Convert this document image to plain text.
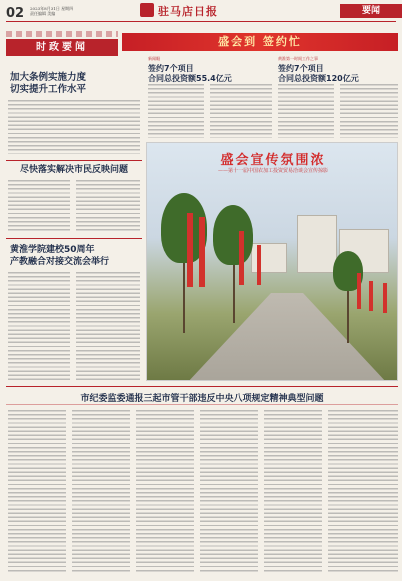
02 2023年8月31日 星期四
责任编辑 美编	驻马店日报	要闻
时政要闻
加大条例实施力度
切实提升工作水平
尽快落实解决市民反映问题
黄淮学院建校50周年
产教融合对接交流会举行
盛会到 签约忙
新闻眼
签约7个项目
合同总投资额55.4亿元
黄淮第一时间工作之事
签约7个项目
合同总投资额120亿元
盛会宣传氛围浓
——第十一届中国农加工投资贸易洽谈会宣传掠影
市纪委监委通报三起市管干部违反中央八项规定精神典型问题
